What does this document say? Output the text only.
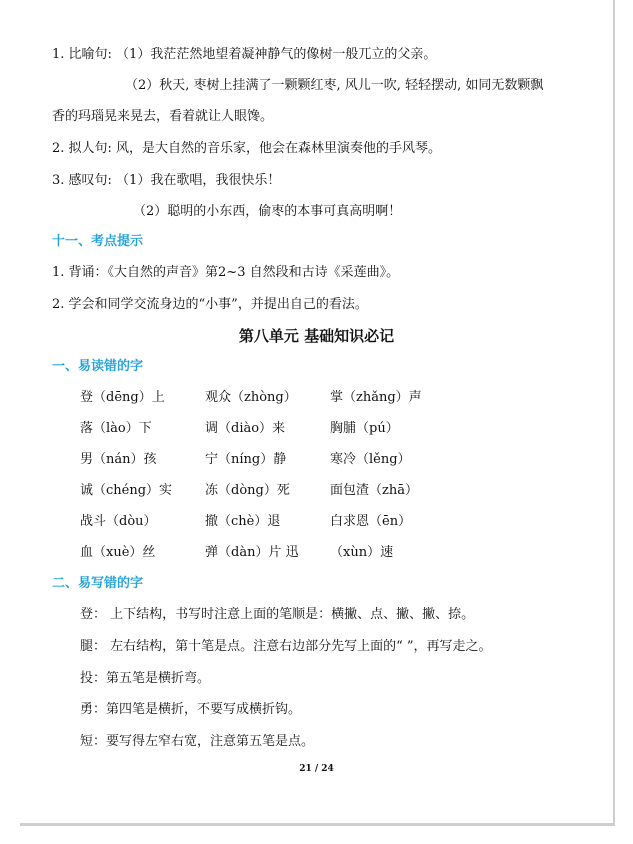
1. 比喻句: （1）我茫茫然地望着凝神静气的像树一般兀立的父亲。
（2）秋天, 枣树上挂满了一颗颗红枣, 风儿一吹, 轻轻摆动, 如同无数颗飘
香的玛瑙晃来晃去，看着就让人眼馋。
2. 拟人句: 风，是大自然的音乐家，他会在森林里演奏他的手风琴。
3. 感叹句: （1）我在歌唱，我很快乐！
（2）聪明的小东西，偷枣的本事可真高明啊！
十一、考点提示
1. 背诵：《大自然的声音》第2~3 自然段和古诗《采莲曲》。
2. 学会和同学交流身边的“小事”，并提出自己的看法。
第八单元 基础知识必记
一、易读错的字
登（dēng）上	观众（zhòng）	掌（zhǎng）声
落（lào）下	调（diào）来	胸脯（pú）
男（nán）孩	宁（níng）静	寒冷（lěng）
诚（chéng）实	冻（dòng）死	面包渣（zhā）
战斗（dòu）	撤（chè）退	白求恩（ēn）
血（xuè）丝	弹（dàn）片 迅 （xùn）速
二、易写错的字
登： 上下结构，书写时注意上面的笔顺是：横撇、点、撇、撇、捺。
腿： 左右结构，第十笔是点。注意右边部分先写上面的“ ”，再写走之。
投：第五笔是横折弯。
勇：第四笔是横折，不要写成横折钩。
短：要写得左窄右宽，注意第五笔是点。
21 / 24
